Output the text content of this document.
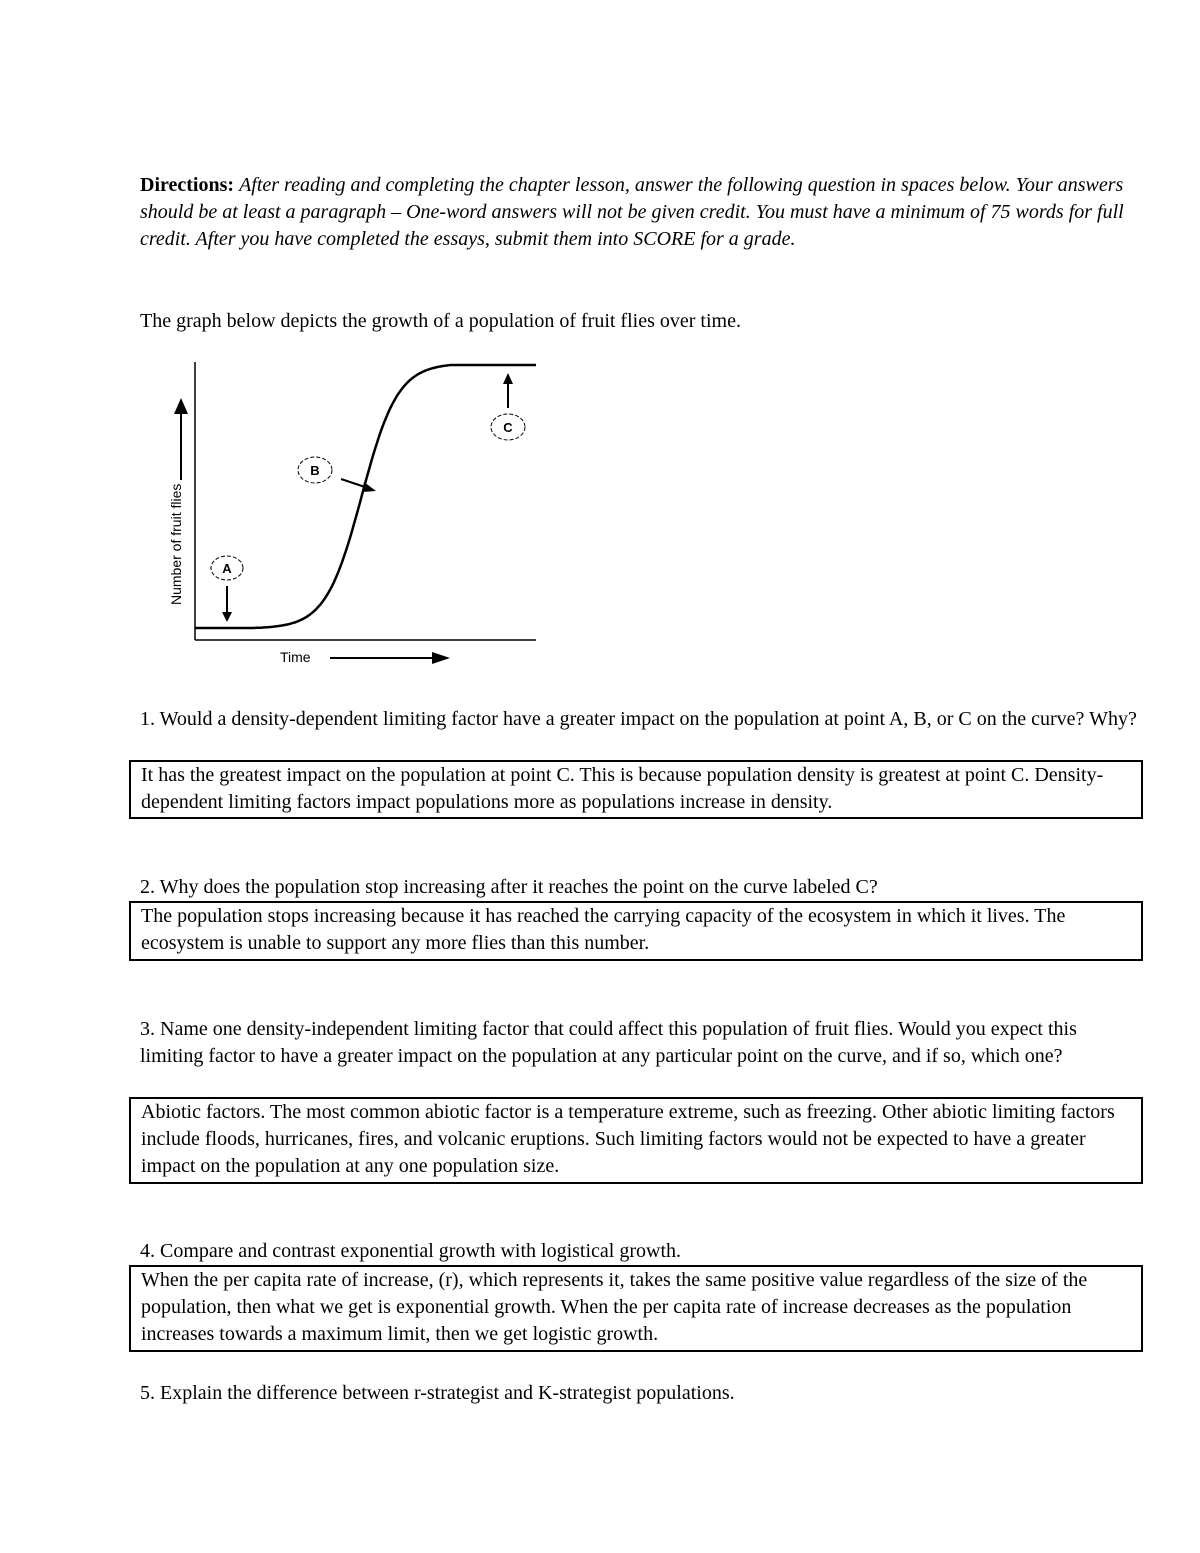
Directions: After reading and completing the chapter lesson, answer the following question in spaces below. Your answers should be at least a paragraph – One-word answers will not be given credit. You must have a minimum of 75 words for full credit. After you have completed the essays, submit them into SCORE for a grade.
The graph below depicts the growth of a population of fruit flies over time.
A
B
C
Number of fruit flies
Time
1. Would a density-dependent limiting factor have a greater impact on the population at point A, B, or C on the curve? Why?
It has the greatest impact on the population at point C. This is because population density is greatest at point C. Density-dependent limiting factors impact populations more as populations increase in density.
2. Why does the population stop increasing after it reaches the point on the curve labeled C?
The population stops increasing because it has reached the carrying capacity of the ecosystem in which it lives. The ecosystem is unable to support any more flies than this number.
3. Name one density-independent limiting factor that could affect this population of fruit flies. Would you expect this limiting factor to have a greater impact on the population at any particular point on the curve, and if so, which one?
Abiotic factors. The most common abiotic factor is a temperature extreme, such as freezing. Other abiotic limiting factors include floods, hurricanes, fires, and volcanic eruptions. Such limiting factors would not be expected to have a greater impact on the population at any one population size.
4. Compare and contrast exponential growth with logistical growth.
When the per capita rate of increase, (r), which represents it, takes the same positive value regardless of the size of the population, then what we get is exponential growth. When the per capita rate of increase decreases as the population increases towards a maximum limit, then we get logistic growth.
5. Explain the difference between r-strategist and K-strategist populations.
